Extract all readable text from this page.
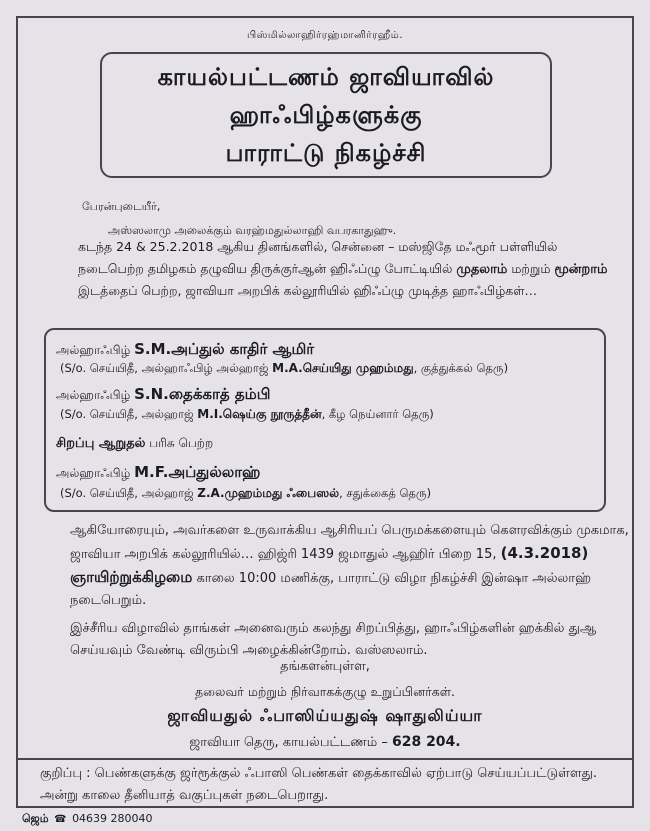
பிஸ்மில்லாஹிர்ரஹ்மானிர்ரஹீம்.
காயல்பட்டணம் ஜாவியாவில்
ஹாஃபிழ்களுக்கு
பாராட்டு நிகழ்ச்சி
பேரன்புடையீர்,
அஸ்ஸலாமு அலைக்கும் வரஹ்மதுல்லாஹி வபரகாதுஹு.
கடந்த 24 & 25.2.2018 ஆகிய தினங்களில், சென்னை – மஸ்ஜிதே மஃமூர் பள்ளியில் நடைபெற்ற தமிழகம் தழுவிய திருக்குர்ஆன் ஹிஃப்ழு போட்டியில் முதலாம் மற்றும் மூன்றாம் இடத்தைப் பெற்ற, ஜாவியா அறபிக் கல்லூரியில் ஹிஃப்ழு முடித்த ஹாஃபிழ்கள்…
அல்ஹாஃபிழ் S.M.அப்துல் காதிர் ஆமிர்
(S/o. செய்யிதீ, அல்ஹாஃபிழ் அல்ஹாஜ் M.A.செய்யிது முஹம்மது, குத்துக்கல் தெரு)
அல்ஹாஃபிழ் S.N.தைக்காத் தம்பி
(S/o. செய்யிதீ, அல்ஹாஜ் M.I.ஷெய்கு நூருத்தீன், கீழ நெய்னார் தெரு)
சிறப்பு ஆறுதல் பரிசு பெற்ற
அல்ஹாஃபிழ் M.F.அப்துல்லாஹ்
(S/o. செய்யிதீ, அல்ஹாஜ் Z.A.முஹம்மது ஃபைஸல், சதுக்கைத் தெரு)
ஆகியோரையும், அவர்களை உருவாக்கிய ஆசிரியப் பெருமக்களையும் கௌரவிக்கும் முகமாக, ஜாவியா அறபிக் கல்லூரியில்… ஹிஜ்ரி 1439 ஜமாதுல் ஆஹிர் பிறை 15, (4.3.2018) ஞாயிற்றுக்கிழமை காலை 10:00 மணிக்கு, பாராட்டு விழா நிகழ்ச்சி இன்ஷா அல்லாஹ் நடைபெறும்.
இச்சீரிய விழாவில் தாங்கள் அனைவரும் கலந்து சிறப்பித்து, ஹாஃபிழ்களின் ஹக்கில் துஆ செய்யவும் வேண்டி விரும்பி அழைக்கின்றோம். வஸ்ஸலாம்.
தங்களன்புள்ள,
தலைவர் மற்றும் நிர்வாகக்குழு உறுப்பினர்கள்.
ஜாவியதுல் ஃபாஸிய்யதுஷ் ஷாதுலிய்யா
ஜாவியா தெரு, காயல்பட்டணம் – 628 204.
குறிப்பு : பெண்களுக்கு ஜர்ரூக்குல் ஃபாஸி பெண்கள் தைக்காவில் ஏற்பாடு செய்யப்பட்டுள்ளது. அன்று காலை தீனியாத் வகுப்புகள் நடைபெறாது.
ஜெம் ☎ 04639 280040
